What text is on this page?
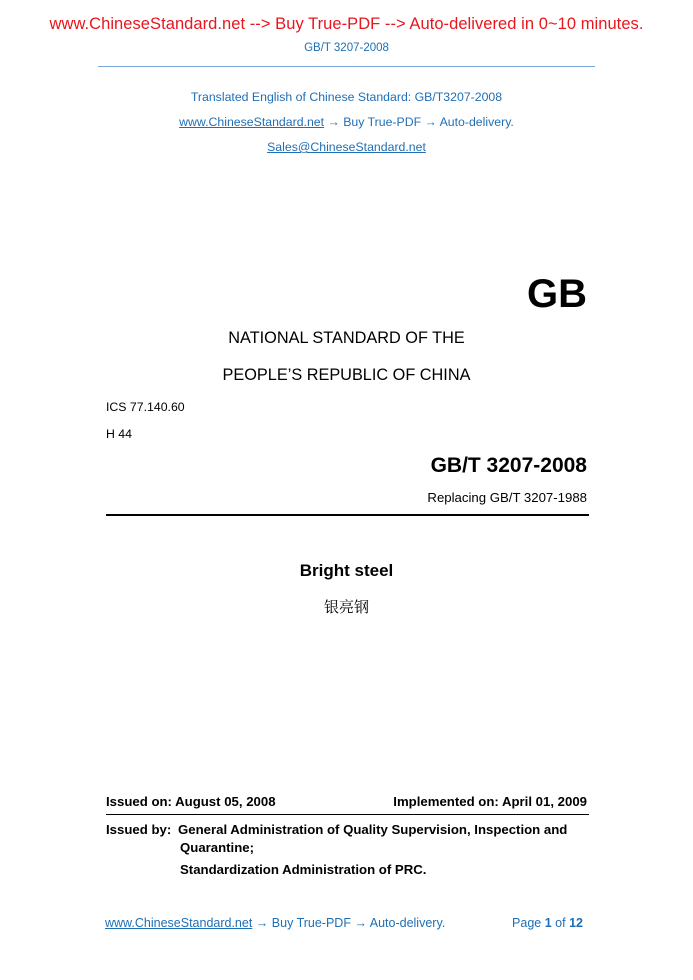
www.ChineseStandard.net --> Buy True-PDF --> Auto-delivered in 0~10 minutes.
GB/T 3207-2008
Translated English of Chinese Standard: GB/T3207-2008
www.ChineseStandard.net → Buy True-PDF → Auto-delivery.
Sales@ChineseStandard.net
GB
NATIONAL STANDARD OF THE
PEOPLE’S REPUBLIC OF CHINA
ICS 77.140.60
H 44
GB/T 3207-2008
Replacing GB/T 3207-1988
Bright steel
银亮钢
Issued on: August 05, 2008	Implemented on: April 01, 2009
Issued by: General Administration of Quality Supervision, Inspection and
Quarantine;
Standardization Administration of PRC.
www.ChineseStandard.net → Buy True-PDF → Auto-delivery.	Page 1 of 12
